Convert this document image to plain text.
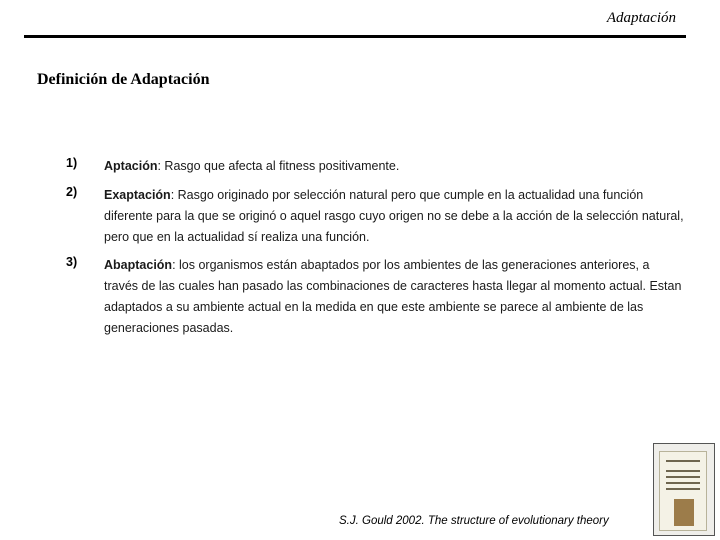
Adaptación
Definición de Adaptación
1) Aptación: Rasgo que afecta al fitness positivamente.
2) Exaptación: Rasgo originado por selección natural pero que cumple en la actualidad una función diferente para la que se originó o aquel rasgo cuyo origen no se debe a la acción de la selección natural, pero que en la actualidad sí realiza una función.
3) Abaptación: los organismos están abaptados por los ambientes de las generaciones anteriores, a través de las cuales han pasado las combinaciones de caracteres hasta llegar al momento actual. Estan adaptados a su ambiente actual en la medida en que este ambiente se parece al ambiente de las generaciones pasadas.
S.J. Gould 2002. The structure of evolutionary theory
